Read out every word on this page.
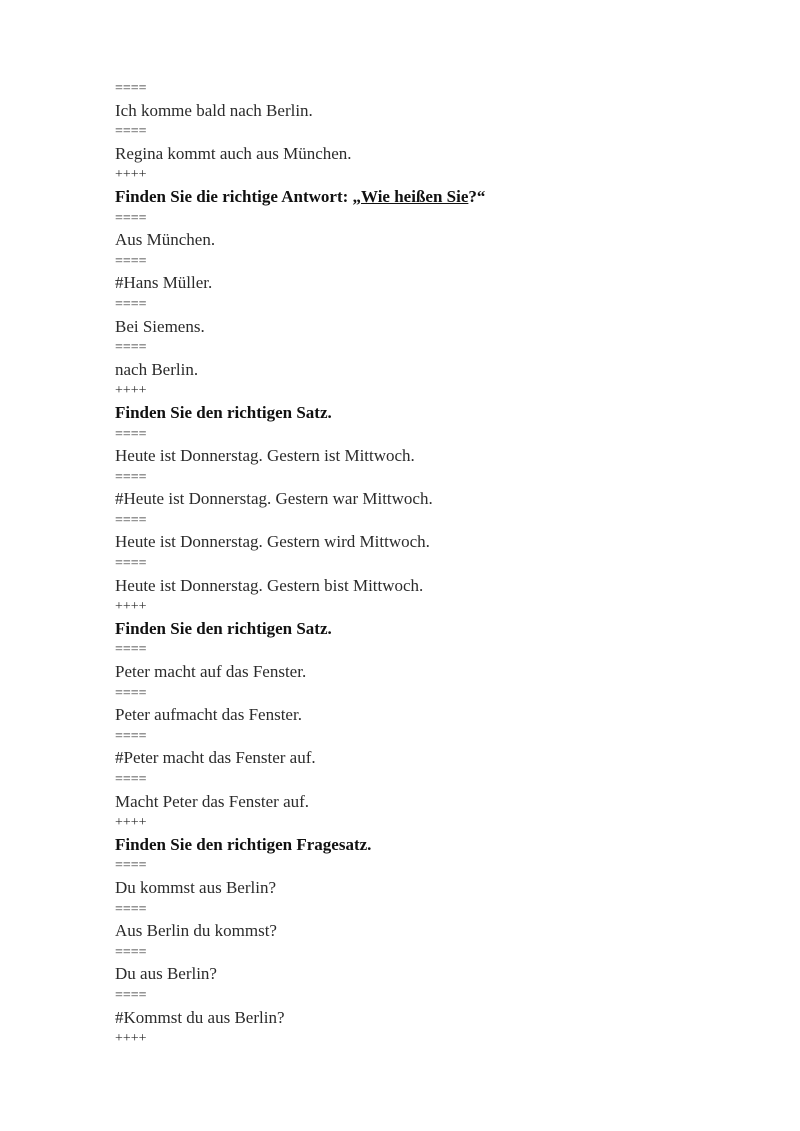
====
Ich komme bald nach Berlin.
====
Regina kommt auch aus München.
++++
Finden Sie die richtige Antwort: „Wie heißen Sie?“
====
Aus München.
====
#Hans Müller.
====
Bei Siemens.
====
nach Berlin.
++++
Finden Sie den richtigen Satz.
====
Heute ist Donnerstag. Gestern ist Mittwoch.
====
#Heute ist Donnerstag. Gestern war Mittwoch.
====
Heute ist Donnerstag. Gestern wird Mittwoch.
====
Heute ist Donnerstag. Gestern bist Mittwoch.
++++
Finden Sie den richtigen Satz.
====
Peter macht auf das Fenster.
====
Peter aufmacht das Fenster.
====
#Peter macht das Fenster auf.
====
Macht Peter das Fenster auf.
++++
Finden Sie den richtigen Fragesatz.
====
Du kommst aus Berlin?
====
Aus Berlin du kommst?
====
Du aus Berlin?
====
#Kommst du aus Berlin?
++++
